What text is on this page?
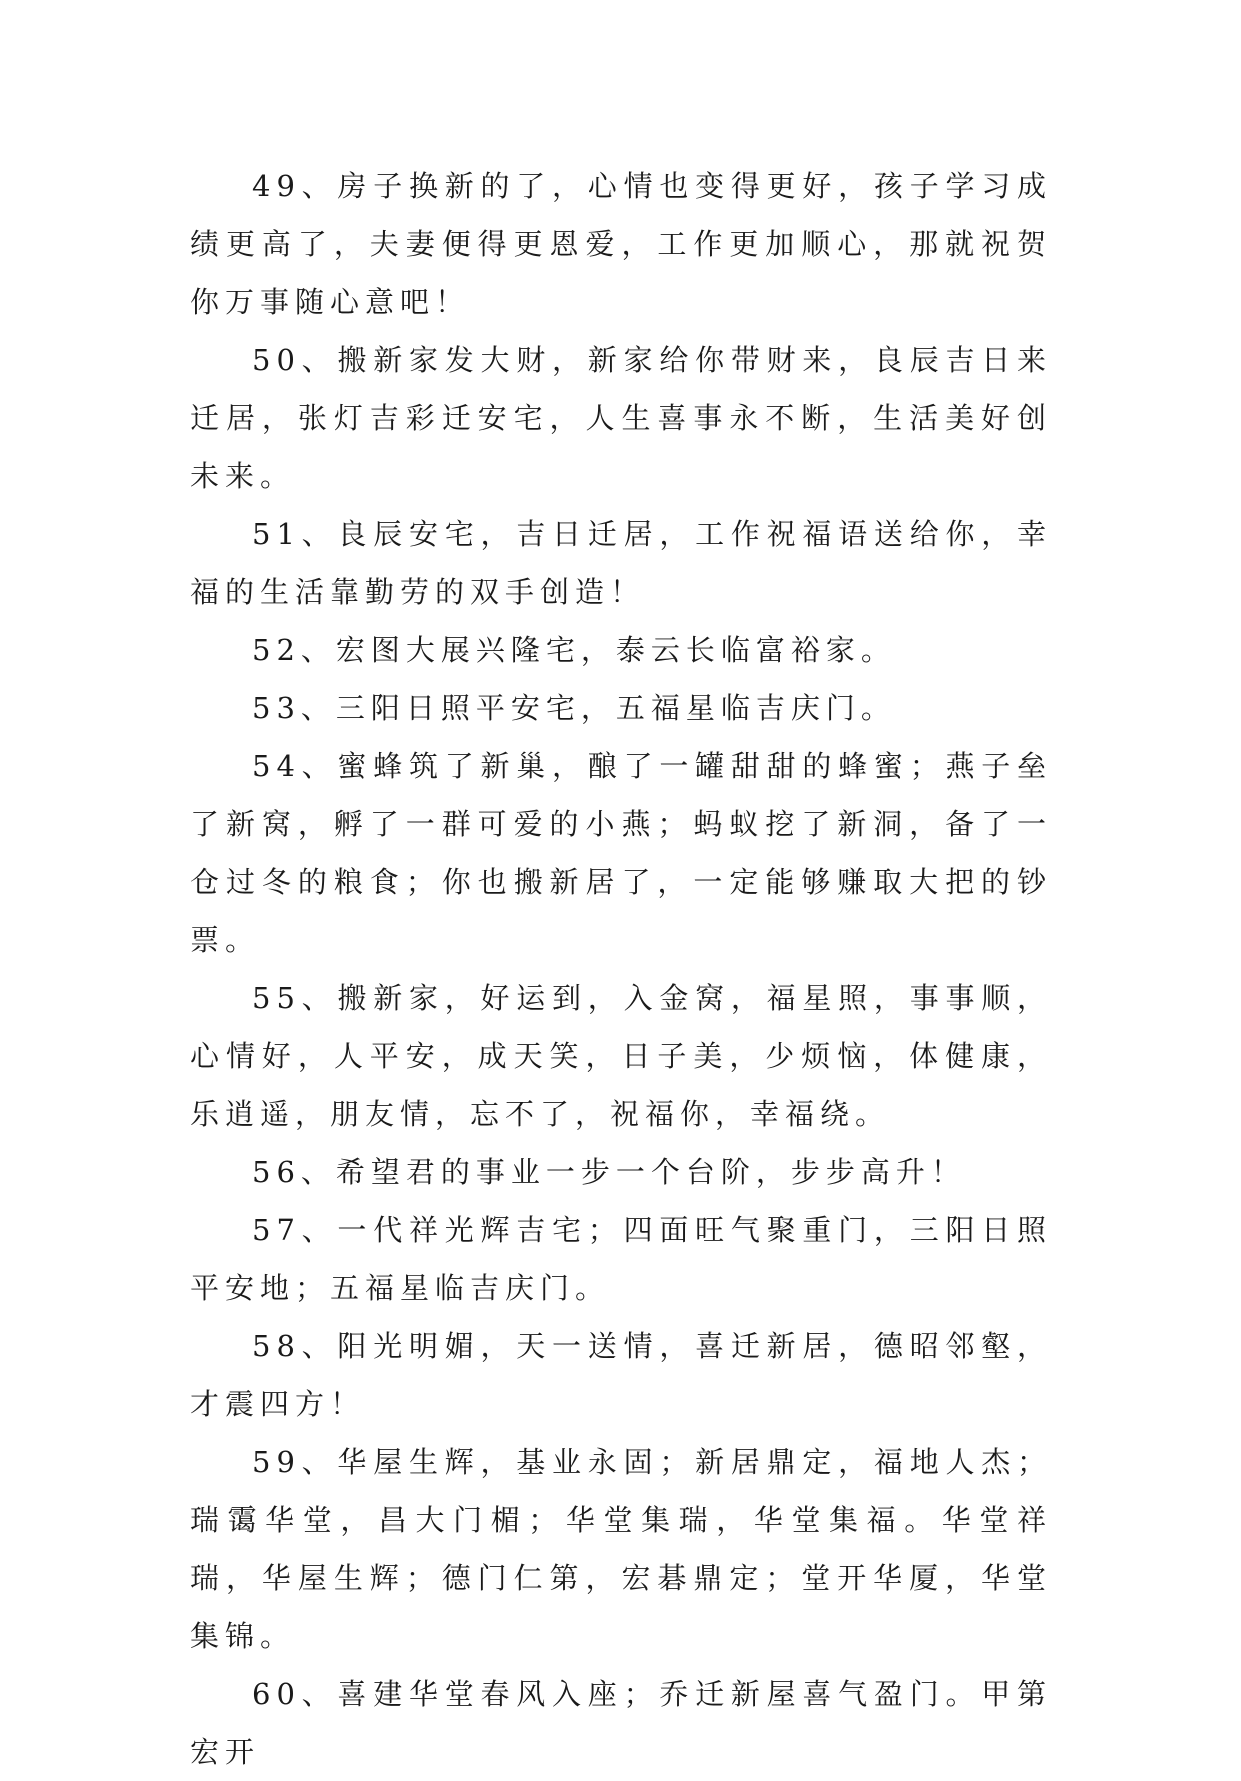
49、房子换新的了，心情也变得更好，孩子学习成绩更高了，夫妻便得更恩爱，工作更加顺心，那就祝贺你万事随心意吧！

50、搬新家发大财，新家给你带财来，良辰吉日来迁居，张灯吉彩迁安宅，人生喜事永不断，生活美好创未来。

51、良辰安宅，吉日迁居，工作祝福语送给你，幸福的生活靠勤劳的双手创造！

52、宏图大展兴隆宅，泰云长临富裕家。

53、三阳日照平安宅，五福星临吉庆门。

54、蜜蜂筑了新巢，酿了一罐甜甜的蜂蜜；燕子垒了新窝，孵了一群可爱的小燕；蚂蚁挖了新洞，备了一仓过冬的粮食；你也搬新居了，一定能够赚取大把的钞票。

55、搬新家，好运到，入金窝，福星照，事事顺，心情好，人平安，成天笑，日子美，少烦恼，体健康，乐逍遥，朋友情，忘不了，祝福你，幸福绕。

56、希望君的事业一步一个台阶，步步高升！

57、一代祥光辉吉宅；四面旺气聚重门，三阳日照平安地；五福星临吉庆门。

58、阳光明媚，天一送情，喜迁新居，德昭邻壑，才震四方！

59、华屋生辉，基业永固；新居鼎定，福地人杰；瑞霭华堂，昌大门楣；华堂集瑞，华堂集福。华堂祥瑞，华屋生辉；德门仁第，宏碁鼎定；堂开华厦，华堂集锦。

60、喜建华堂春风入座；乔迁新屋喜气盈门。甲第宏开
